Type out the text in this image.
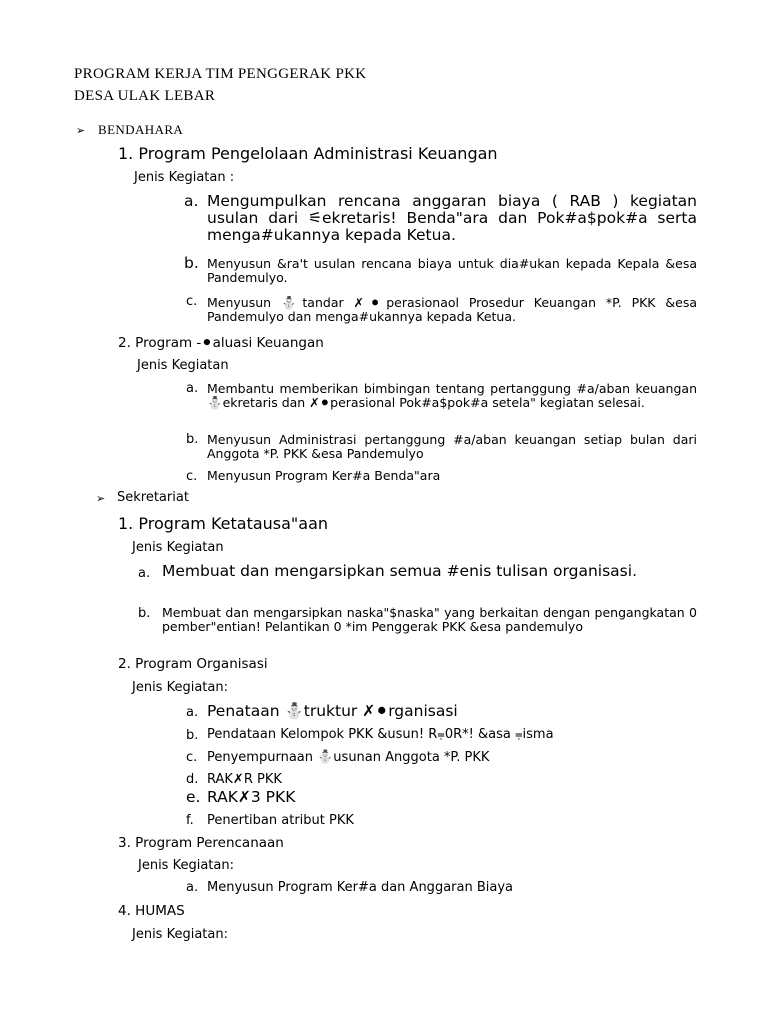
PROGRAM KERJA TIM PENGGERAK PKK
DESA ULAK LEBAR
➢ BENDAHARA
1. Program Pengelolaan Administrasi Keuangan
Jenis Kegiatan :
a. Mengumpulkan rencana anggaran biaya ( RAB ) kegiatan usulan dari ⚟ekretaris! Benda"ara dan Pok#a$pok#a serta menga#ukannya kepada Ketua.
b. Menyusun &ra't usulan rencana biaya untuk dia#ukan kepada Kepala &esa Pandemulyo.
c. Menyusun ⛄tandar ✗⚫perasionaol Prosedur Keuangan *P. PKK &esa Pandemulyo dan menga#ukannya kepada Ketua.
2. Program -⚫aluasi Keuangan
Jenis Kegiatan
a. Membantu memberikan bimbingan tentang pertanggung #a/aban keuangan ⛄ekretaris dan ✗⚫perasional Pok#a$pok#a setela" kegiatan selesai.
b. Menyusun Administrasi pertanggung #a/aban keuangan setiap bulan dari Anggota *P. PKK &esa Pandemulyo
c. Menyusun Program Ker#a Benda"ara
➢ Sekretariat
1. Program Ketatausa"aan
Jenis Kegiatan
a. Membuat dan mengarsipkan semua #enis tulisan organisasi.
b. Membuat dan mengarsipkan naska"$naska" yang berkaitan dengan pengangkatan 0 pember"entian! Pelantikan 0 *im Penggerak PKK &esa pandemulyo
2. Program Organisasi
Jenis Kegiatan:
a. Penataan ⛄truktur ✗⚫rganisasi
b. Pendataan Kelompok PKK &usun! R⩦0R*! &asa ⩦isma
c. Penyempurnaan ⛄usunan Anggota *P. PKK
d. RAK✗R PKK
e. RAK✗3 PKK
f. Penertiban atribut PKK
3. Program Perencanaan
Jenis Kegiatan:
a. Menyusun Program Ker#a dan Anggaran Biaya
4. HUMAS
Jenis Kegiatan:
